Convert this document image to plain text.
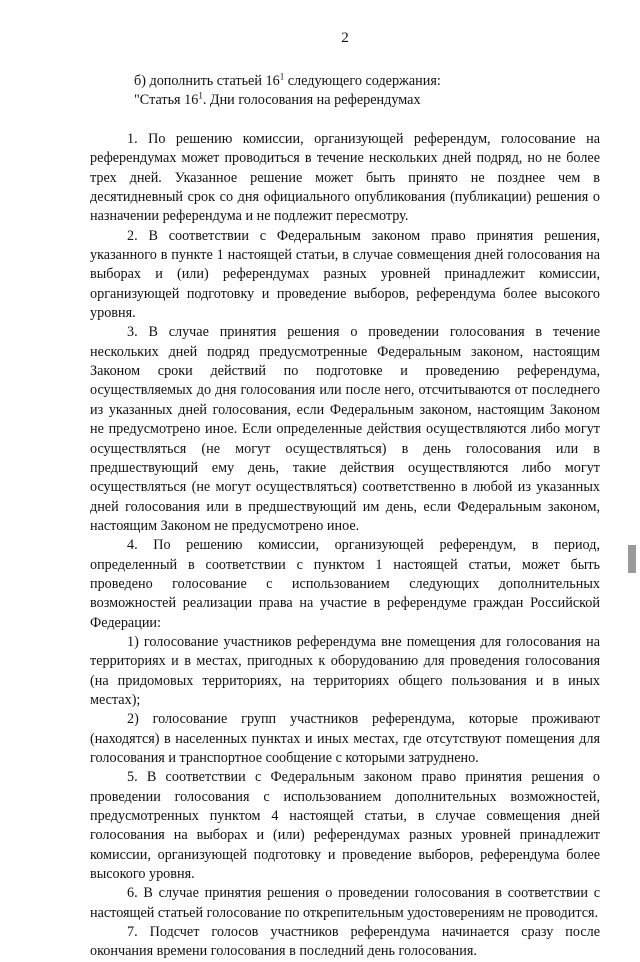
2

б) дополнить статьей $16^1$ следующего содержания:

"Статья $16^1$. Дни голосования на референдумах

1. По решению комиссии, организующей референдум, голосование на референдумах может проводиться в течение нескольких дней подряд, но не более трех дней. Указанное решение может быть принято не позднее чем в десятидневный срок со дня официального опубликования (публикации) решения о назначении референдума и не подлежит пересмотру.

2. В соответствии с Федеральным законом право принятия решения, указанного в пункте 1 настоящей статьи, в случае совмещения дней голосования на выборах и (или) референдумах разных уровней принадлежит комиссии, организующей подготовку и проведение выборов, референдума более высокого уровня.

3. В случае принятия решения о проведении голосования в течение нескольких дней подряд предусмотренные Федеральным законом, настоящим Законом сроки действий по подготовке и проведению референдума, осуществляемых до дня голосования или после него, отсчитываются от последнего из указанных дней голосования, если Федеральным законом, настоящим Законом не предусмотрено иное. Если определенные действия осуществляются либо могут осуществляться (не могут осуществляться) в день голосования или в предшествующий ему день, такие действия осуществляются либо могут осуществляться (не могут осуществляться) соответственно в любой из указанных дней голосования или в предшествующий им день, если Федеральным законом, настоящим Законом не предусмотрено иное.

4. По решению комиссии, организующей референдум, в период, определенный в соответствии с пунктом 1 настоящей статьи, может быть проведено голосование с использованием следующих дополнительных возможностей реализации права на участие в референдуме граждан Российской Федерации:

1) голосование участников референдума вне помещения для голосования на территориях и в местах, пригодных к оборудованию для проведения голосования (на придомовых территориях, на территориях общего пользования и в иных местах);

2) голосование групп участников референдума, которые проживают (находятся) в населенных пунктах и иных местах, где отсутствуют помещения для голосования и транспортное сообщение с которыми затруднено.

5. В соответствии с Федеральным законом право принятия решения о проведении голосования с использованием дополнительных возможностей, предусмотренных пунктом 4 настоящей статьи, в случае совмещения дней голосования на выборах и (или) референдумах разных уровней принадлежит комиссии, организующей подготовку и проведение выборов, референдума более высокого уровня.

6. В случае принятия решения о проведении голосования в соответствии с настоящей статьей голосование по открепительным удостоверениям не проводится.

7. Подсчет голосов участников референдума начинается сразу после окончания времени голосования в последний день голосования.
